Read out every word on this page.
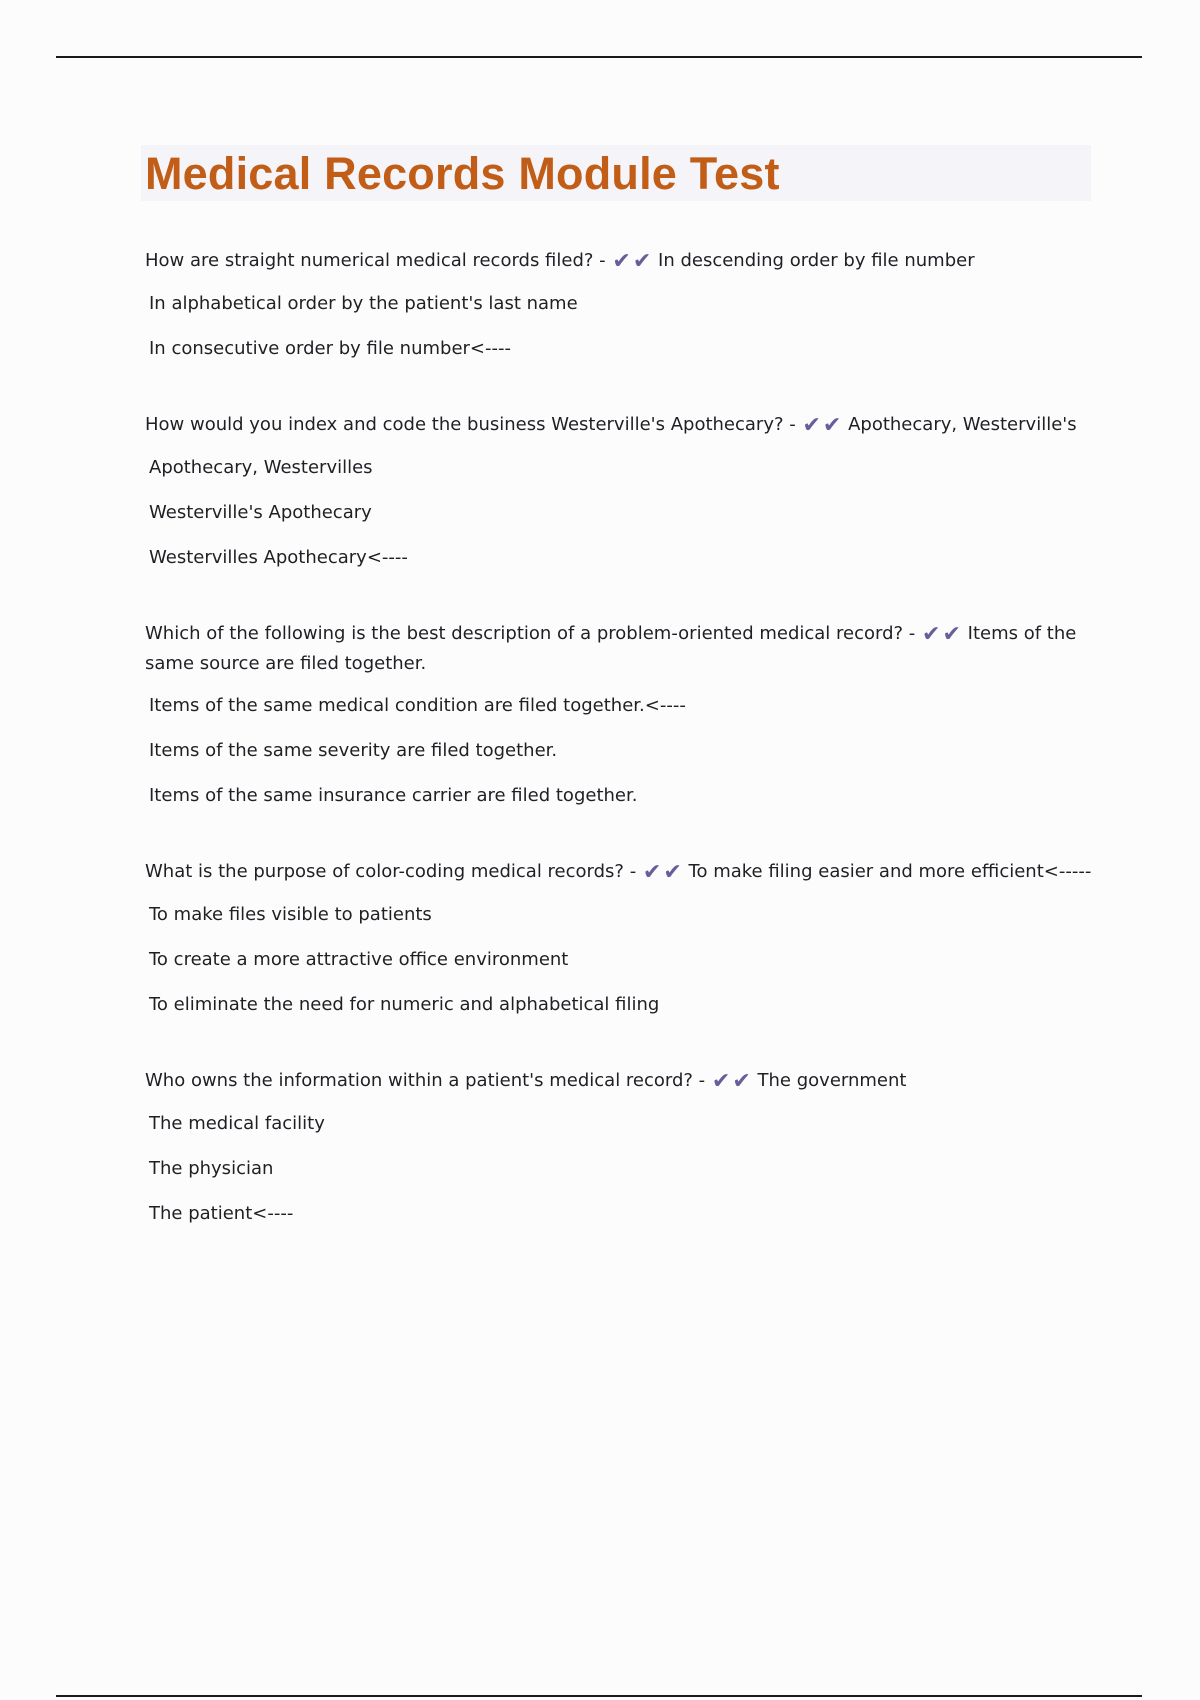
Medical Records Module Test

How are straight numerical medical records filed? - ✔✔ In descending order by file number

In alphabetical order by the patient's last name

In consecutive order by file number<----

How would you index and code the business Westerville's Apothecary? - ✔✔ Apothecary, Westerville's

Apothecary, Westervilles

Westerville's Apothecary

Westervilles Apothecary<----

Which of the following is the best description of a problem-oriented medical record? - ✔✔ Items of the same source are filed together.

Items of the same medical condition are filed together.<----

Items of the same severity are filed together.

Items of the same insurance carrier are filed together.

What is the purpose of color-coding medical records? - ✔✔ To make filing easier and more efficient<-----

To make files visible to patients

To create a more attractive office environment

To eliminate the need for numeric and alphabetical filing

Who owns the information within a patient's medical record? - ✔✔ The government

The medical facility

The physician

The patient<----
